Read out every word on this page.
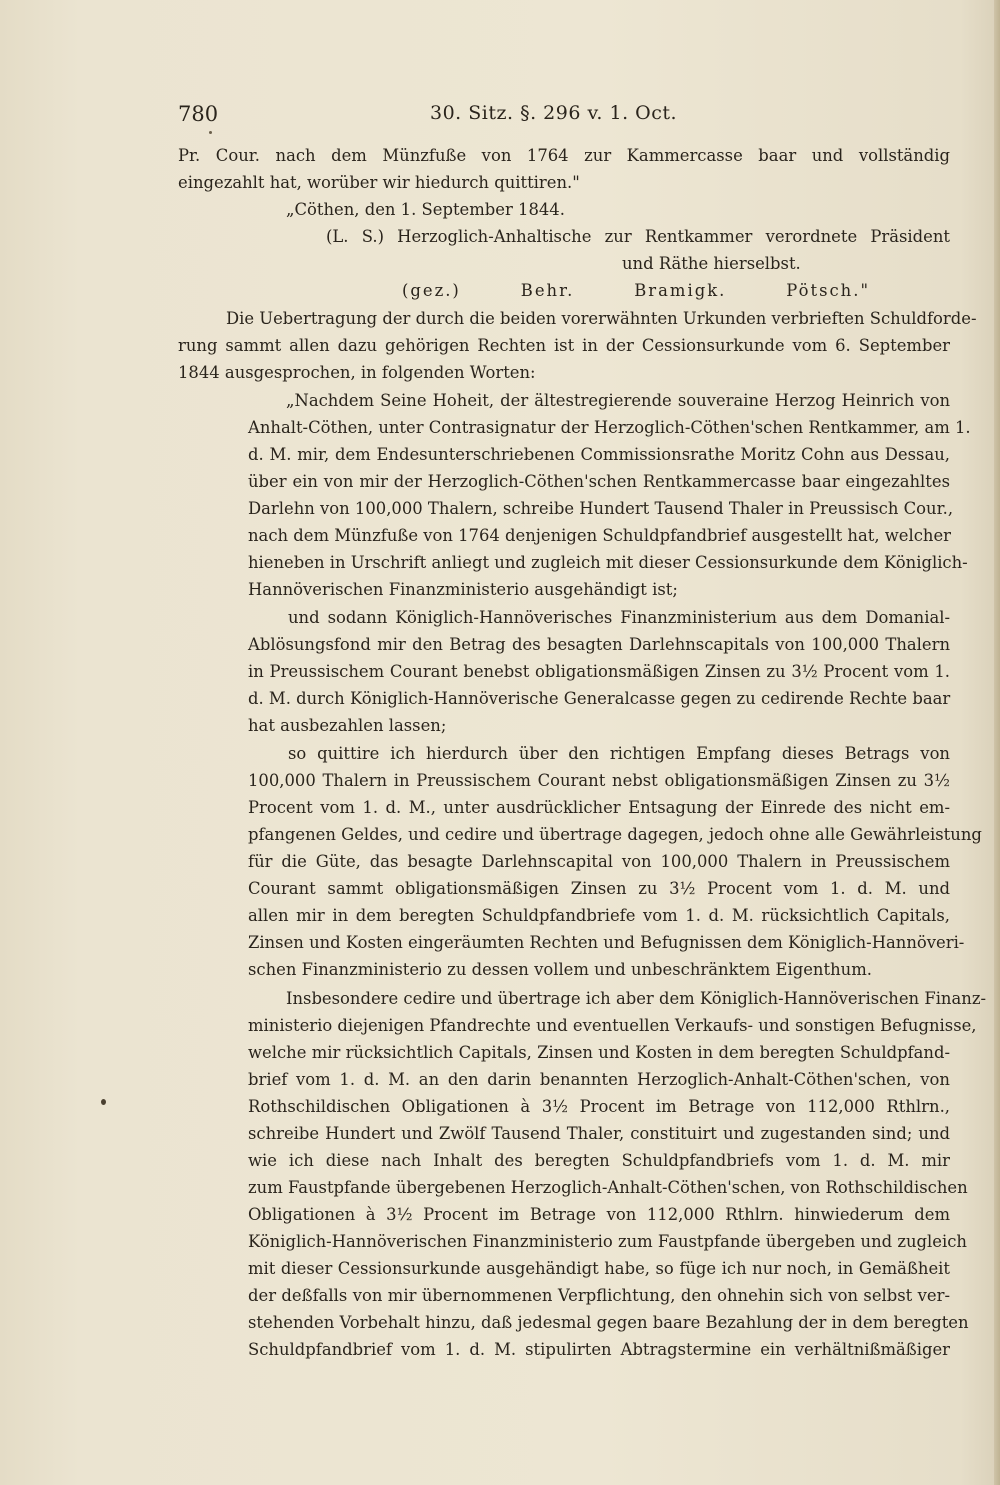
780	30. Sitz. §. 296 v. 1. Oct.
Pr. Cour. nach dem Münzfuße von 1764 zur Kammercasse baar und vollständig
eingezahlt hat, worüber wir hiedurch quittiren."
„Cöthen, den 1. September 1844.
(L. S.) Herzoglich-Anhaltische zur Rentkammer verordnete Präsident
und Räthe hierselbst.
(gez.) Behr. Bramigk. Pötsch."
Die Uebertragung der durch die beiden vorerwähnten Urkunden verbrieften Schuldforde-
rung sammt allen dazu gehörigen Rechten ist in der Cessionsurkunde vom 6. September
1844 ausgesprochen, in folgenden Worten:
„Nachdem Seine Hoheit, der ältestregierende souveraine Herzog Heinrich von
Anhalt-Cöthen, unter Contrasignatur der Herzoglich-Cöthen'schen Rentkammer, am 1.
d. M. mir, dem Endesunterschriebenen Commissionsrathe Moritz Cohn aus Dessau,
über ein von mir der Herzoglich-Cöthen'schen Rentkammercasse baar eingezahltes
Darlehn von 100,000 Thalern, schreibe Hundert Tausend Thaler in Preussisch Cour.,
nach dem Münzfuße von 1764 denjenigen Schuldpfandbrief ausgestellt hat, welcher
hieneben in Urschrift anliegt und zugleich mit dieser Cessionsurkunde dem Königlich-
Hannöverischen Finanzministerio ausgehändigt ist;
und sodann Königlich-Hannöverisches Finanzministerium aus dem Domanial-
Ablösungsfond mir den Betrag des besagten Darlehnscapitals von 100,000 Thalern
in Preussischem Courant benebst obligationsmäßigen Zinsen zu 3½ Procent vom 1.
d. M. durch Königlich-Hannöverische Generalcasse gegen zu cedirende Rechte baar
hat ausbezahlen lassen;
so quittire ich hierdurch über den richtigen Empfang dieses Betrags von
100,000 Thalern in Preussischem Courant nebst obligationsmäßigen Zinsen zu 3½
Procent vom 1. d. M., unter ausdrücklicher Entsagung der Einrede des nicht em-
pfangenen Geldes, und cedire und übertrage dagegen, jedoch ohne alle Gewährleistung
für die Güte, das besagte Darlehnscapital von 100,000 Thalern in Preussischem
Courant sammt obligationsmäßigen Zinsen zu 3½ Procent vom 1. d. M. und
allen mir in dem beregten Schuldpfandbriefe vom 1. d. M. rücksichtlich Capitals,
Zinsen und Kosten eingeräumten Rechten und Befugnissen dem Königlich-Hannöveri-
schen Finanzministerio zu dessen vollem und unbeschränktem Eigenthum.
Insbesondere cedire und übertrage ich aber dem Königlich-Hannöverischen Finanz-
ministerio diejenigen Pfandrechte und eventuellen Verkaufs- und sonstigen Befugnisse,
welche mir rücksichtlich Capitals, Zinsen und Kosten in dem beregten Schuldpfand-
brief vom 1. d. M. an den darin benannten Herzoglich-Anhalt-Cöthen'schen, von
Rothschildischen Obligationen à 3½ Procent im Betrage von 112,000 Rthlrn.,
schreibe Hundert und Zwölf Tausend Thaler, constituirt und zugestanden sind; und
wie ich diese nach Inhalt des beregten Schuldpfandbriefs vom 1. d. M. mir
zum Faustpfande übergebenen Herzoglich-Anhalt-Cöthen'schen, von Rothschildischen
Obligationen à 3½ Procent im Betrage von 112,000 Rthlrn. hinwiederum dem
Königlich-Hannöverischen Finanzministerio zum Faustpfande übergeben und zugleich
mit dieser Cessionsurkunde ausgehändigt habe, so füge ich nur noch, in Gemäßheit
der deßfalls von mir übernommenen Verpflichtung, den ohnehin sich von selbst ver-
stehenden Vorbehalt hinzu, daß jedesmal gegen baare Bezahlung der in dem beregten
Schuldpfandbrief vom 1. d. M. stipulirten Abtragstermine ein verhältnißmäßiger
